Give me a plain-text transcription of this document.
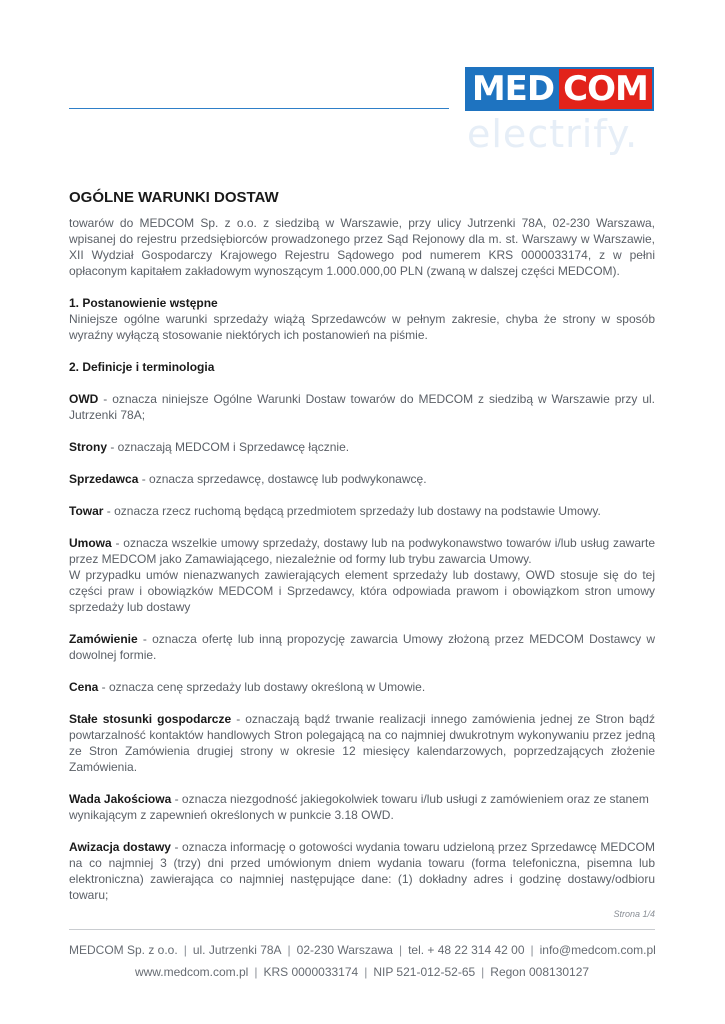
MED COM
electrify.
OGÓLNE WARUNKI DOSTAW

towarów do MEDCOM Sp. z o.o. z siedzibą w Warszawie, przy ulicy Jutrzenki 78A, 02-230 Warszawa, wpisanej do rejestru przedsiębiorców prowadzonego przez Sąd Rejonowy dla m. st. Warszawy w Warszawie, XII Wydział Gospodarczy Krajowego Rejestru Sądowego pod numerem KRS 0000033174, z w pełni opłaconym kapitałem zakładowym wynoszącym 1.000.000,00 PLN (zwaną w dalszej części MEDCOM).

1. Postanowienie wstępne

Niniejsze ogólne warunki sprzedaży wiążą Sprzedawców w pełnym zakresie, chyba że strony w sposób wyraźny wyłączą stosowanie niektórych ich postanowień na piśmie.

2. Definicje i terminologia

OWD - oznacza niniejsze Ogólne Warunki Dostaw towarów do MEDCOM z siedzibą w Warszawie przy ul. Jutrzenki 78A;

Strony - oznaczają MEDCOM i Sprzedawcę łącznie.

Sprzedawca - oznacza sprzedawcę, dostawcę lub podwykonawcę.

Towar - oznacza rzecz ruchomą będącą przedmiotem sprzedaży lub dostawy na podstawie Umowy.

Umowa - oznacza wszelkie umowy sprzedaży, dostawy lub na podwykonawstwo towarów i/lub usług zawarte przez MEDCOM jako Zamawiającego, niezależnie od formy lub trybu zawarcia Umowy.
W przypadku umów nienazwanych zawierających element sprzedaży lub dostawy, OWD stosuje się do tej części praw i obowiązków MEDCOM i Sprzedawcy, która odpowiada prawom i obowiązkom stron umowy sprzedaży lub dostawy

Zamówienie - oznacza ofertę lub inną propozycję zawarcia Umowy złożoną przez MEDCOM Dostawcy w dowolnej formie.

Cena - oznacza cenę sprzedaży lub dostawy określoną w Umowie.

Stałe stosunki gospodarcze - oznaczają bądź trwanie realizacji innego zamówienia jednej ze Stron bądź powtarzalność kontaktów handlowych Stron polegającą na co najmniej dwukrotnym wykonywaniu przez jedną ze Stron Zamówienia drugiej strony w okresie 12 miesięcy kalendarzowych, poprzedzających złożenie Zamówienia.

Wada Jakościowa - oznacza niezgodność jakiegokolwiek towaru i/lub usługi z zamówieniem oraz ze stanem wynikającym z zapewnień określonych w punkcie 3.18 OWD.

Awizacja dostawy - oznacza informację o gotowości wydania towaru udzieloną przez Sprzedawcę MEDCOM na co najmniej 3 (trzy) dni przed umówionym dniem wydania towaru (forma telefoniczna, pisemna lub elektroniczna) zawierająca co najmniej następujące dane: (1) dokładny adres i godzinę dostawy/odbioru towaru;

Strona 1/4
MEDCOM Sp. z o.o. | ul. Jutrzenki 78A | 02-230 Warszawa | tel. + 48 22 314 42 00 | info@medcom.com.pl
www.medcom.com.pl | KRS 0000033174 | NIP 521-012-52-65 | Regon 008130127
